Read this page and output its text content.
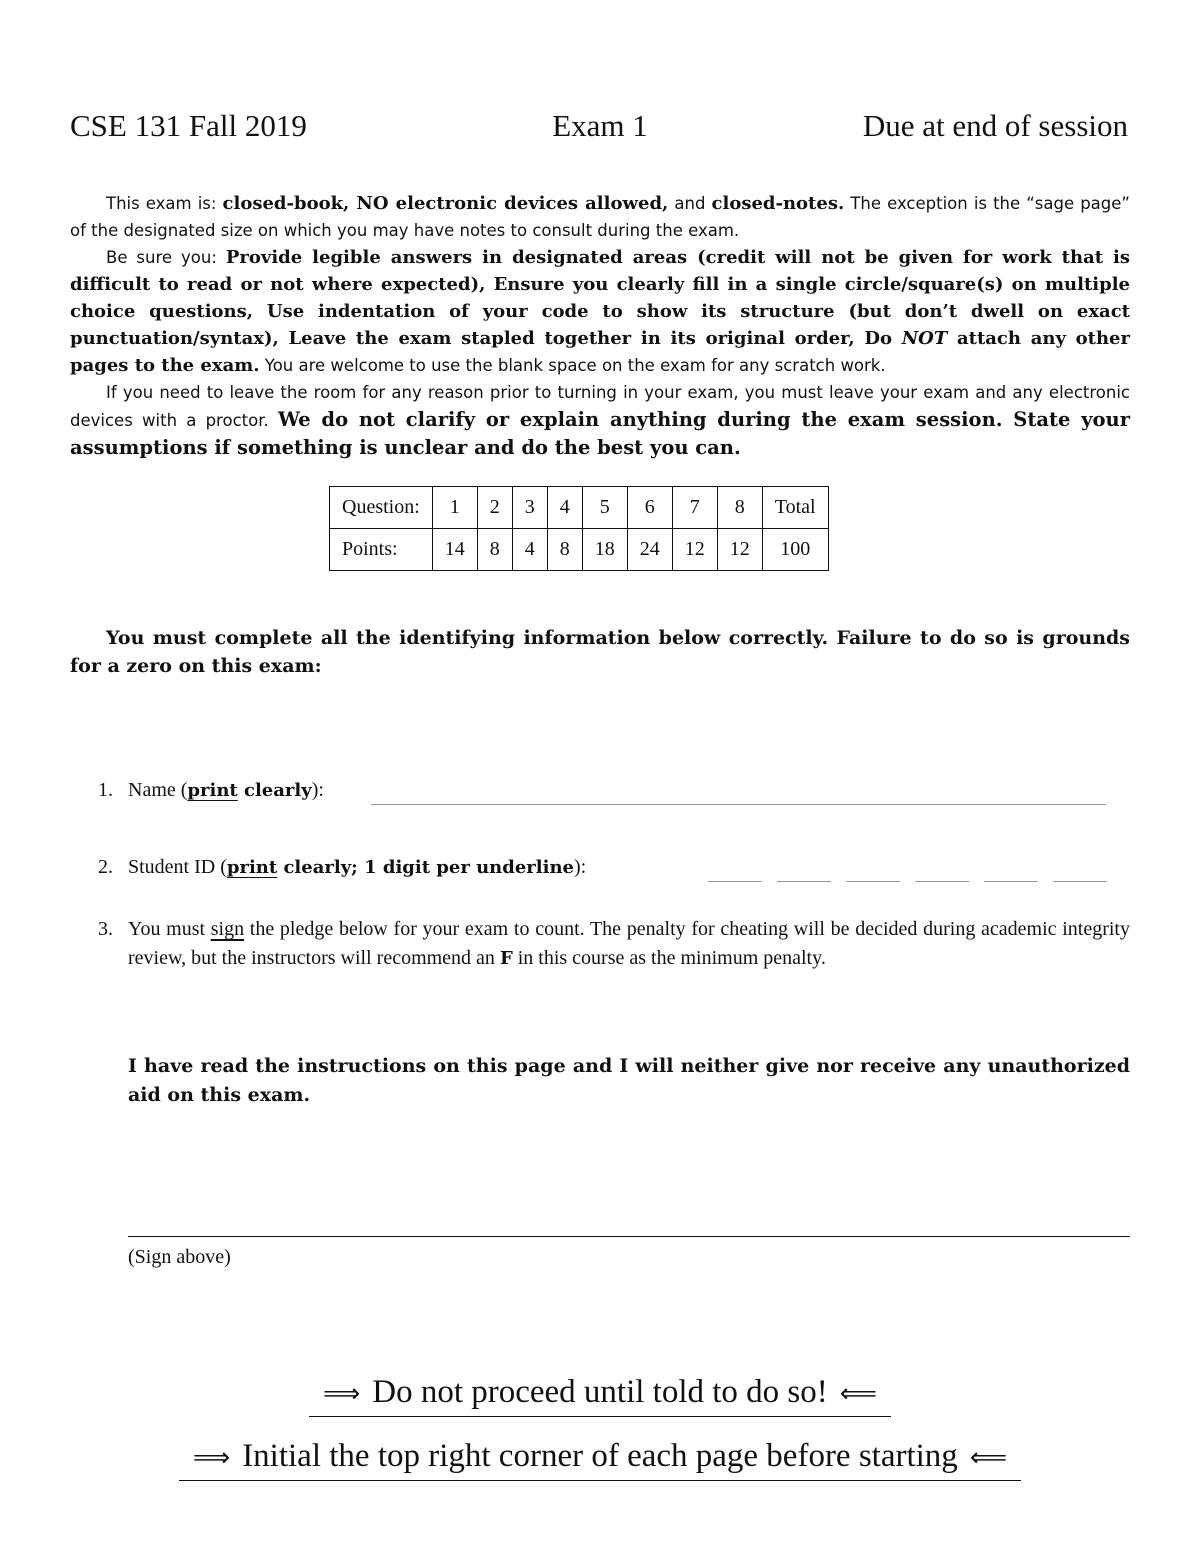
CSE 131 Fall 2019	Exam 1	Due at end of session

This exam is: closed-book, NO electronic devices allowed, and closed-notes. The exception is the “sage page” of the designated size on which you may have notes to consult during the exam.

Be sure you: Provide legible answers in designated areas (credit will not be given for work that is difficult to read or not where expected), Ensure you clearly fill in a single circle/square(s) on multiple choice questions, Use indentation of your code to show its structure (but don’t dwell on exact punctuation/syntax), Leave the exam stapled together in its original order, Do NOT attach any other pages to the exam. You are welcome to use the blank space on the exam for any scratch work.

If you need to leave the room for any reason prior to turning in your exam, you must leave your exam and any electronic devices with a proctor. We do not clarify or explain anything during the exam session. State your assumptions if something is unclear and do the best you can.

Question:	1	2	3	4	5	6	7	8	Total
Points:	14	8	4	8	18	24	12	12	100
You must complete all the identifying information below correctly. Failure to do so is grounds for a zero on this exam:
1. Name (print clearly):
2. Student ID (print clearly; 1 digit per underline):
3. You must sign the pledge below for your exam to count. The penalty for cheating will be decided during academic integrity review, but the instructors will recommend an F in this course as the minimum penalty.
I have read the instructions on this page and I will neither give nor receive any unauthorized aid on this exam.
(Sign above)
⟹ Do not proceed until told to do so! ⟸
⟹ Initial the top right corner of each page before starting ⟸
